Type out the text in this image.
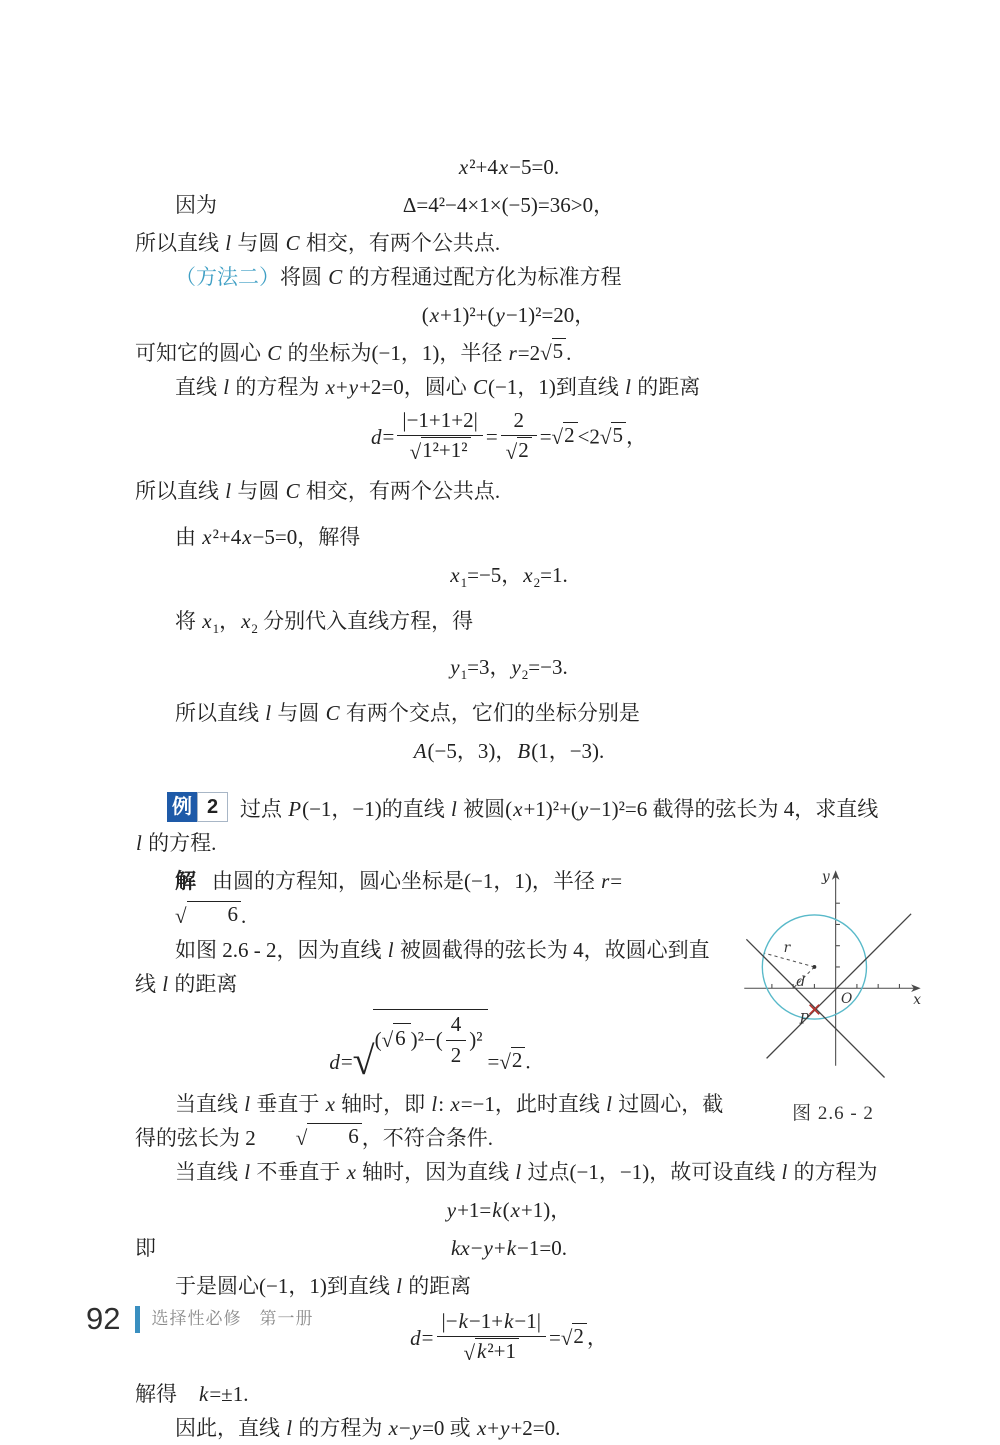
x²+4x−5=0.
因为	Δ=4²−4×1×(−5)=36>0，

所以直线 l 与圆 C 相交，有两个公共点.

（方法二）将圆 C 的方程通过配方化为标准方程

(x+1)²+(y−1)²=20，

可知它的圆心 C 的坐标为(−1，1)，半径 r=2 √ 5 .

直线 l 的方程为 x+y+2=0，圆心 C(−1，1)到直线 l 的距离

d= |−1+1+2|
√ 1²+1² = 2
√ 2 = √ 2 <2 √ 5 ，

所以直线 l 与圆 C 相交，有两个公共点.

由 x²+4x−5=0，解得

$x_1=-5$，$x_2=1$.

将 $x_1$，$x_2$ 分别代入直线方程，得

$y_1=3$，$y_2=-3$.

所以直线 l 与圆 C 有两个交点，它们的坐标分别是

A(−5，3)，B(1，−3).

例 2 过点 P(−1，−1)的直线 l 被圆(x+1)²+(y−1)²=6 截得的弦长为 4，求直线 l 的方程.

r
d
P
O	x
y
图 2.6 - 2

解 由圆的方程知，圆心坐标是(−1，1)，半径 r=
√ 6 .

如图 2.6 - 2，因为直线 l 被圆截得的弦长为 4，故圆心到直线 l 的距离

d=
√ ( √ 6 )$^2-( \frac{4}{2} )^2$
= √ 2 .

当直线 l 垂直于 x 轴时，即 l: x=−1，此时直线 l 过圆心，截得的弦长为 2	√ 6 ，不符合条件.

当直线 l 不垂直于 x 轴时，因为直线 l 过点(−1，−1)，故可设直线 l 的方程为

y+1=k(x+1)，
即	kx−y+k−1=0.

于是圆心(−1，1)到直线 l 的距离

d= |−k−1+k−1|
√ k²+1 = √ 2 ，

解得　k=±1.

因此，直线 l 的方程为 x−y=0 或 x+y+2=0.

92 选择性必修　第一册
